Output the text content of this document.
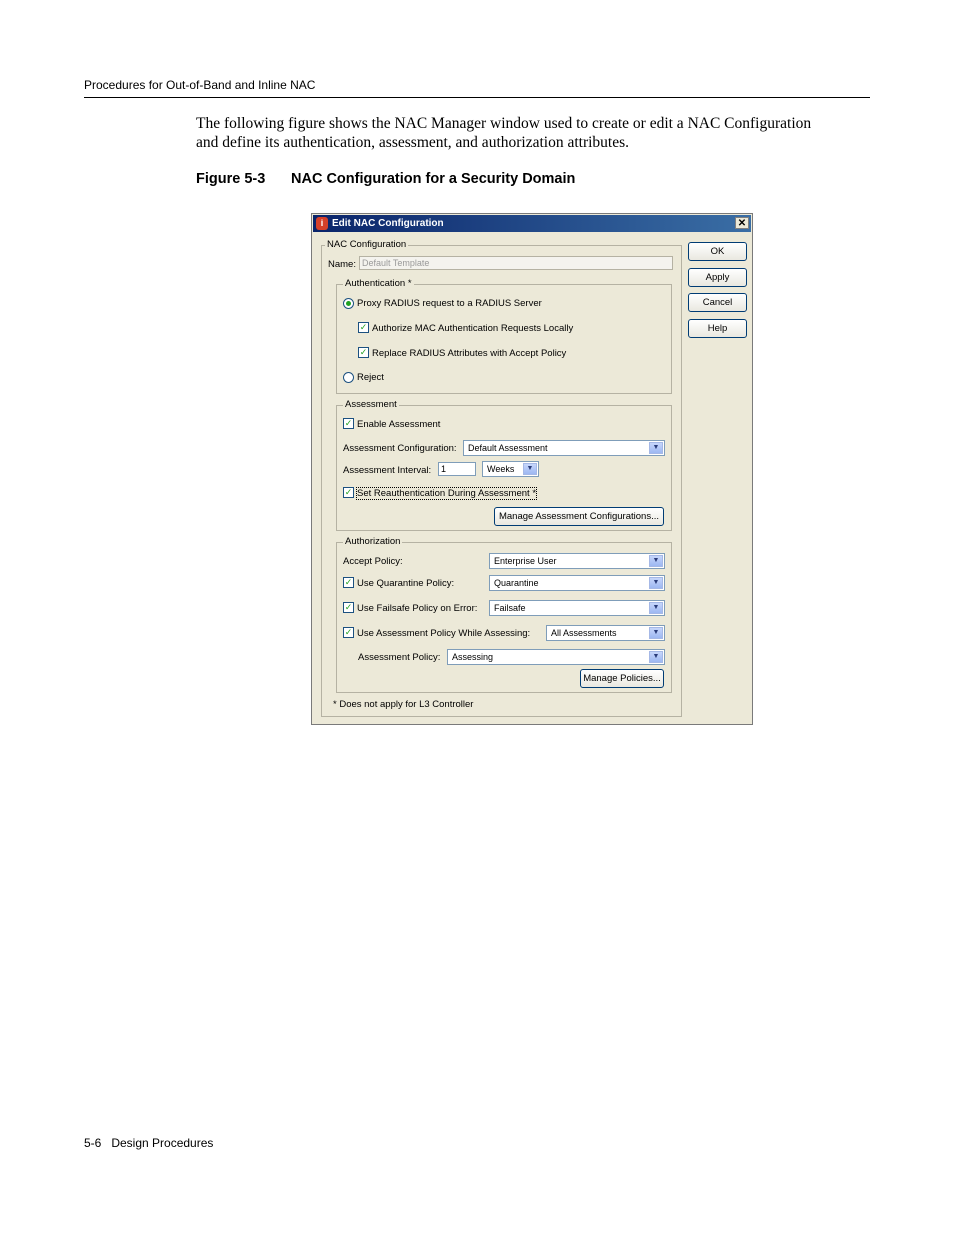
Procedures for Out-of-Band and Inline NAC
The following figure shows the NAC Manager window used to create or edit a NAC Configuration and define its authentication, assessment, and authorization attributes.
Figure 5-3 NAC Configuration for a Security Domain
i Edit NAC Configuration	✕
NAC Configuration
Name: Default Template
Authentication *
Proxy RADIUS request to a RADIUS Server
✓ Authorize MAC Authentication Requests Locally
✓ Replace RADIUS Attributes with Accept Policy
Reject
Assessment
✓ Enable Assessment
Assessment Configuration:	Default Assessment	▼
Assessment Interval:	1	Weeks	▼
✓ Set Reauthentication During Assessment *
Manage Assessment Configurations...
Authorization
Accept Policy:	Enterprise User	▼
✓ Use Quarantine Policy:	Quarantine	▼
✓ Use Failsafe Policy on Error:	Failsafe	▼
✓ Use Assessment Policy While Assessing:	All Assessments	▼
Assessment Policy:	Assessing	▼
Manage Policies...
* Does not apply for L3 Controller
OK
Apply
Cancel
Help
5-6 Design Procedures
